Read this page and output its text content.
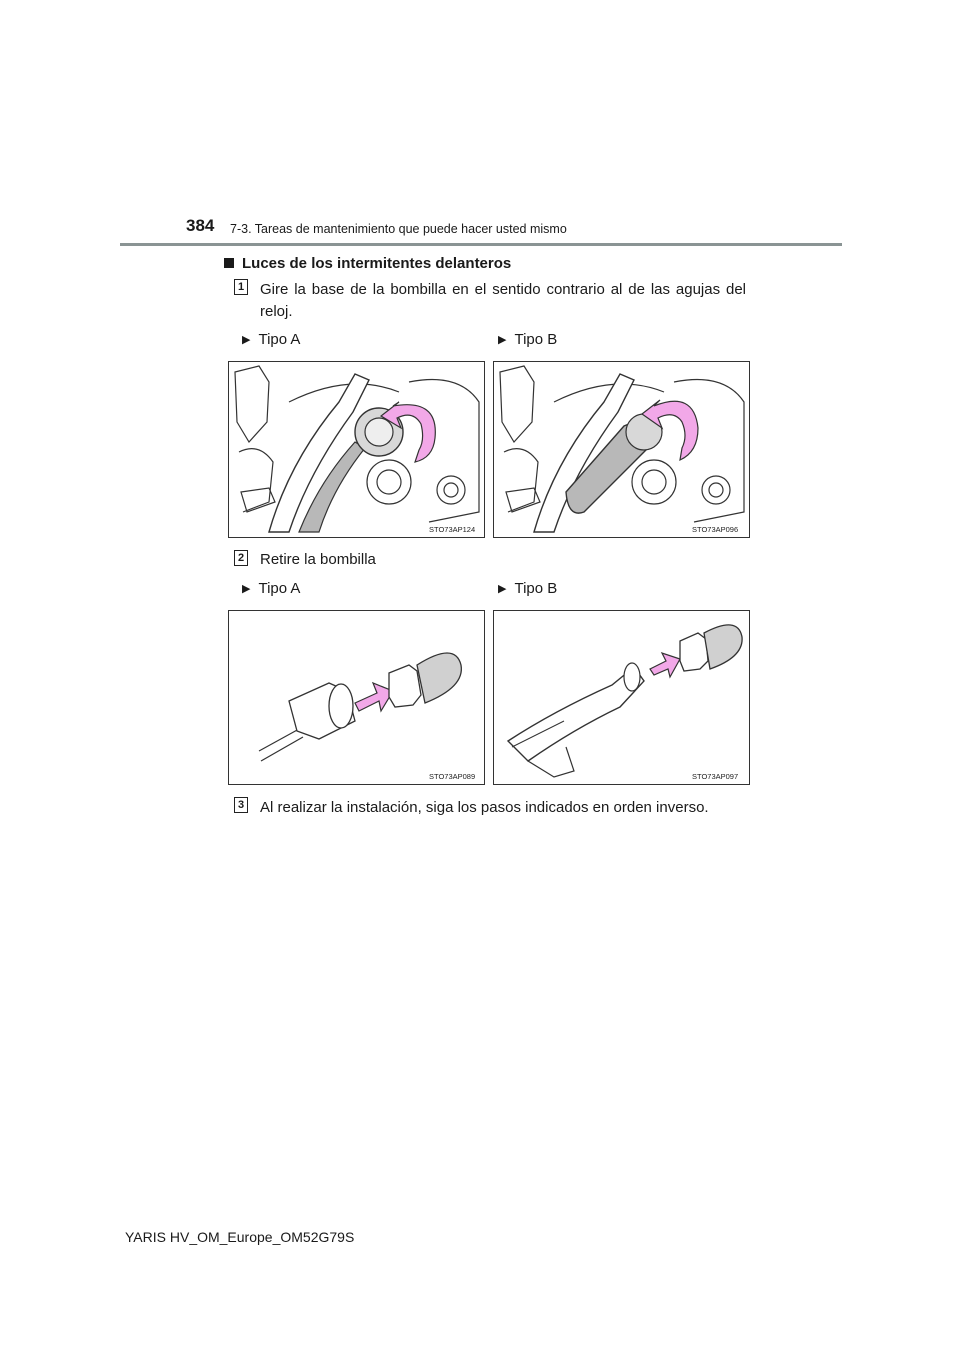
384 7-3. Tareas de mantenimiento que puede hacer usted mismo
Luces de los intermitentes delanteros
1 Gire la base de la bombilla en el sentido contrario al de las agujas del reloj.
▶ Tipo A	▶ Tipo B
STO73AP124	STO73AP096
2 Retire la bombilla
▶ Tipo A	▶ Tipo B
STO73AP089	STO73AP097
3 Al realizar la instalación, siga los pasos indicados en orden inverso.
YARIS HV_OM_Europe_OM52G79S
